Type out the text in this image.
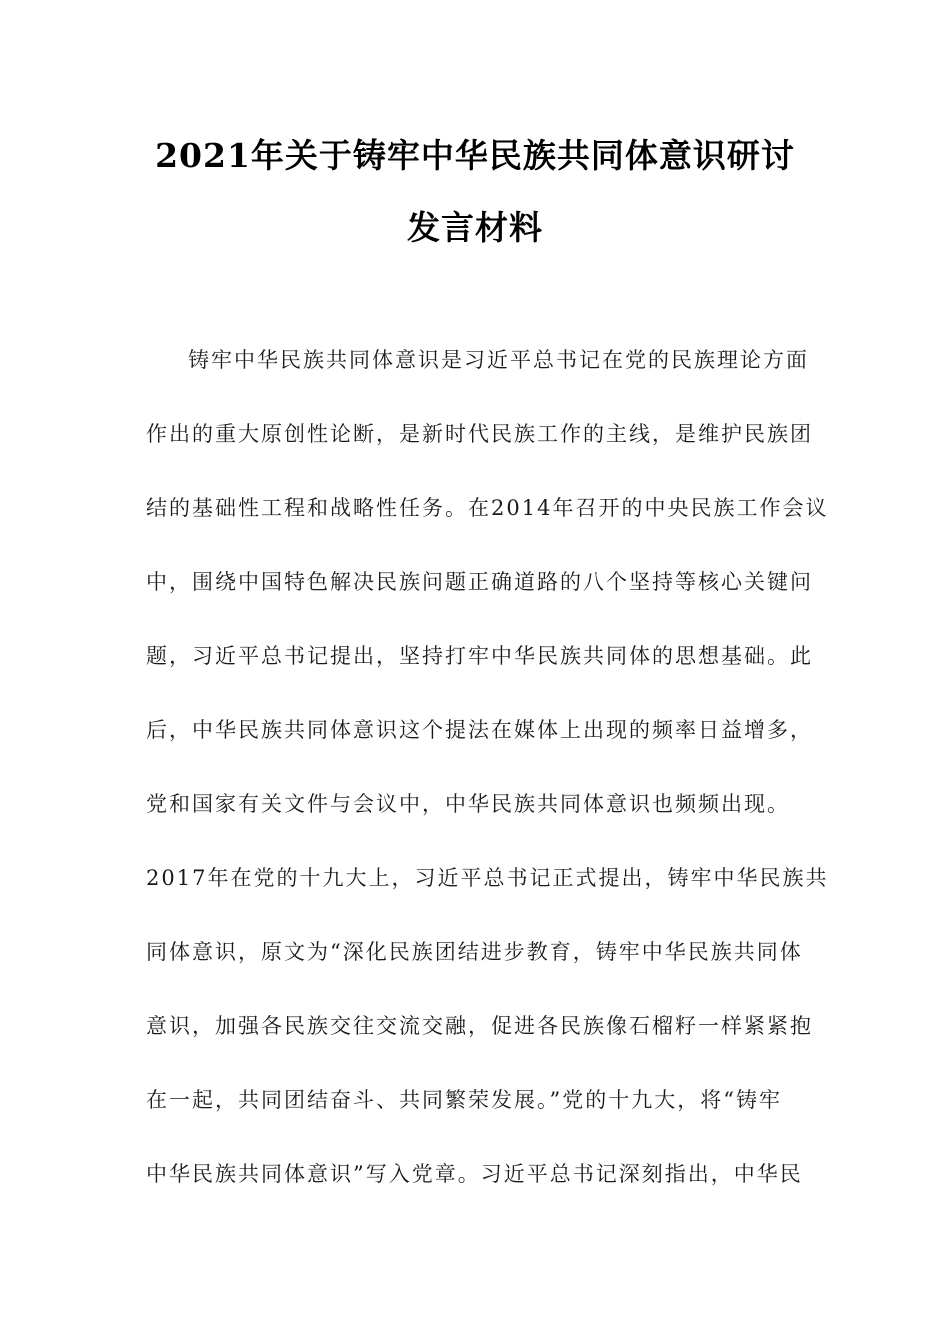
2021年关于铸牢中华民族共同体意识研讨
发言材料
铸牢中华民族共同体意识是习近平总书记在党的民族理论方面
作出的重大原创性论断，是新时代民族工作的主线，是维护民族团
结的基础性工程和战略性任务。在2014年召开的中央民族工作会议
中，围绕中国特色解决民族问题正确道路的八个坚持等核心关键问
题，习近平总书记提出，坚持打牢中华民族共同体的思想基础。此
后，中华民族共同体意识这个提法在媒体上出现的频率日益增多，
党和国家有关文件与会议中，中华民族共同体意识也频频出现。
2017年在党的十九大上，习近平总书记正式提出，铸牢中华民族共
同体意识，原文为“深化民族团结进步教育，铸牢中华民族共同体
意识，加强各民族交往交流交融，促进各民族像石榴籽一样紧紧抱
在一起，共同团结奋斗、共同繁荣发展。”党的十九大，将“铸牢
中华民族共同体意识”写入党章。习近平总书记深刻指出，中华民
